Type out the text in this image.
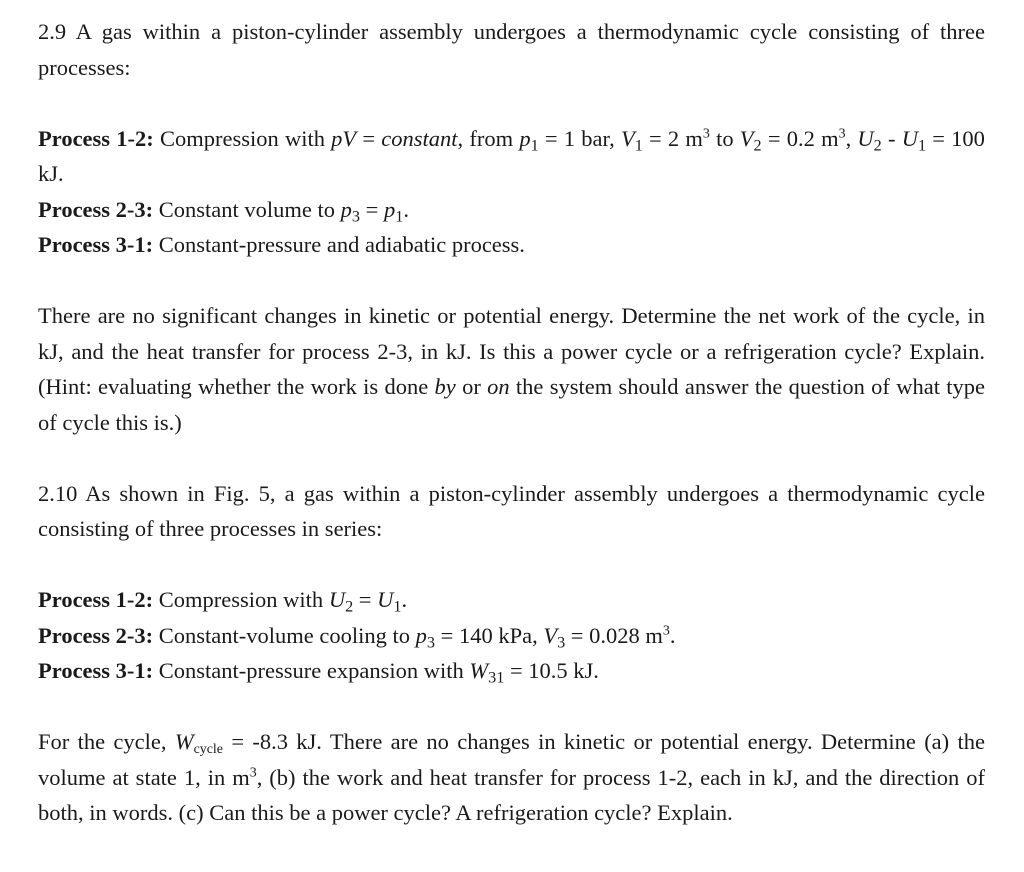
2.9 A gas within a piston-cylinder assembly undergoes a thermodynamic cycle consisting of three processes:

Process 1-2: Compression with pV = constant, from $p_1 = 1$ bar, $V_1 = 2$ $m^3$ to $V_2 = 0.2$ $m^3$, $U_2 - U_1 = 100$ kJ.

Process 2-3: Constant volume to $p_3 = p_1$.

Process 3-1: Constant-pressure and adiabatic process.

There are no significant changes in kinetic or potential energy. Determine the net work of the cycle, in kJ, and the heat transfer for process 2-3, in kJ. Is this a power cycle or a refrigeration cycle? Explain. (Hint: evaluating whether the work is done by or on the system should answer the question of what type of cycle this is.)

2.10 As shown in Fig. 5, a gas within a piston-cylinder assembly undergoes a thermodynamic cycle consisting of three processes in series:

Process 1-2: Compression with $U_2 = U_1$.

Process 2-3: Constant-volume cooling to $p_3 = 140$ kPa, $V_3 = 0.028$ $m^3$.

Process 3-1: Constant-pressure expansion with $W_{31} = 10.5$ kJ.

For the cycle, $W_{cycle} = -8.3$ kJ. There are no changes in kinetic or potential energy. Determine (a) the volume at state 1, in $m^3$, (b) the work and heat transfer for process 1-2, each in kJ, and the direction of both, in words. (c) Can this be a power cycle? A refrigeration cycle? Explain.
